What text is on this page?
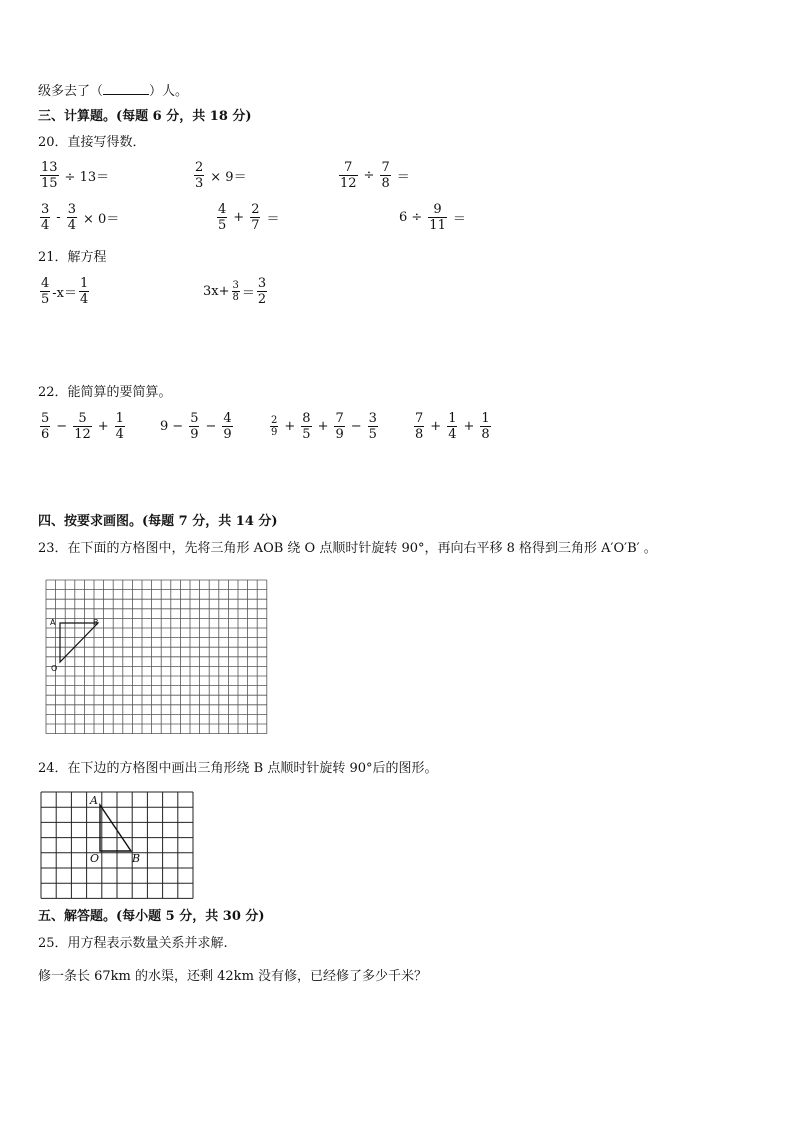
级多去了（	）人。
三、计算题。(每题 6 分，共 18 分)
20．直接写得数．
$\frac{13}{15} \div 13=$	$\frac{2}{3} \times 9=$	$\frac{7}{12} \div \frac{7}{8}$ ＝
$\frac{3}{4} - \frac{3}{4} \times 0=$	$\frac{4}{5} + \frac{2}{7}$ ＝	$6 \div \frac{9}{11}$ ＝
21．解方程
$\frac{4}{5} -x= \frac{1}{4}$	$3x+ \frac{3}{8} = \frac{3}{2}$
22．能简算的要简算。
$\frac{5}{6} - \frac{5}{12} + \frac{1}{4}$	$9 - \frac{5}{9} - \frac{4}{9}$	$\frac{2}{9} + \frac{8}{5} + \frac{7}{9} - \frac{3}{5}$	$\frac{7}{8} + \frac{1}{4} + \frac{1}{8}$
四、按要求画图。(每题 7 分，共 14 分)
23．在下面的方格图中，先将三角形 AOB 绕 O 点顺时针旋转 90°，再向右平移 8 格得到三角形 A′O′B′ 。
A	B
O
24．在下边的方格图中画出三角形绕 B 点顺时针旋转 90°后的图形。
A
O	B
五、解答题。(每小题 5 分，共 30 分)
25．用方程表示数量关系并求解.
修一条长 67km 的水渠，还剩 42km 没有修，已经修了多少千米？
